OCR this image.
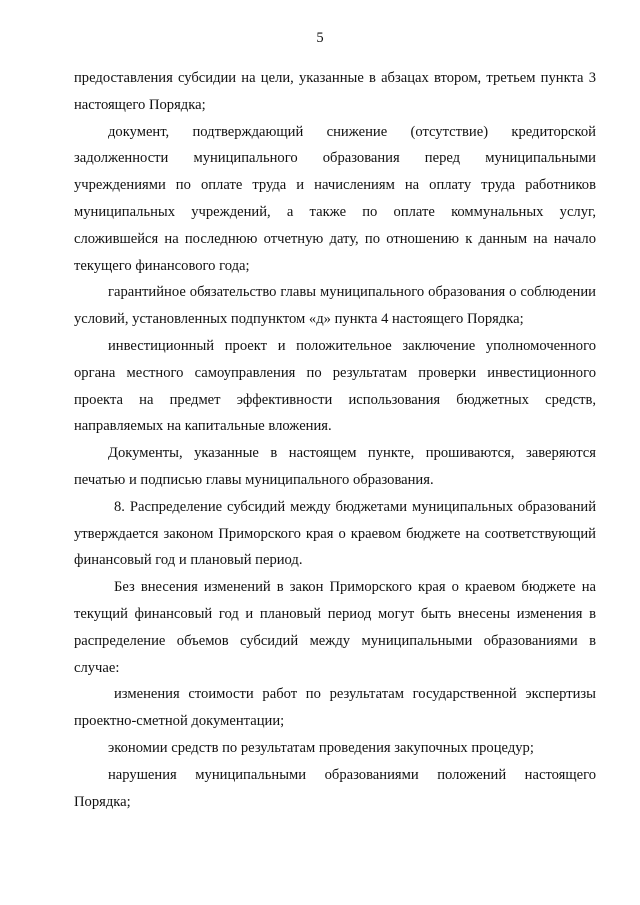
5

предоставления субсидии на цели, указанные в абзацах втором, третьем пункта 3 настоящего Порядка;

документ, подтверждающий снижение (отсутствие) кредиторской задолженности муниципального образования перед муниципальными учреждениями по оплате труда и начислениям на оплату труда работников муниципальных учреждений, а также по оплате коммунальных услуг, сложившейся на последнюю отчетную дату, по отношению к данным на начало текущего финансового года;

гарантийное обязательство главы муниципального образования о соблюдении условий, установленных подпунктом «д» пункта 4 настоящего Порядка;

инвестиционный проект и положительное заключение уполномоченного органа местного самоуправления по результатам проверки инвестиционного проекта на предмет эффективности использования бюджетных средств, направляемых на капитальные вложения.

Документы, указанные в настоящем пункте, прошиваются, заверяются печатью и подписью главы муниципального образования.

8. Распределение субсидий между бюджетами муниципальных образований утверждается законом Приморского края о краевом бюджете на соответствующий финансовый год и плановый период.

Без внесения изменений в закон Приморского края о краевом бюджете на текущий финансовый год и плановый период могут быть внесены изменения в распределение объемов субсидий между муниципальными образованиями в случае:

изменения стоимости работ по результатам государственной экспертизы проектно-сметной документации;

экономии средств по результатам проведения закупочных процедур;

нарушения муниципальными образованиями положений настоящего Порядка;
